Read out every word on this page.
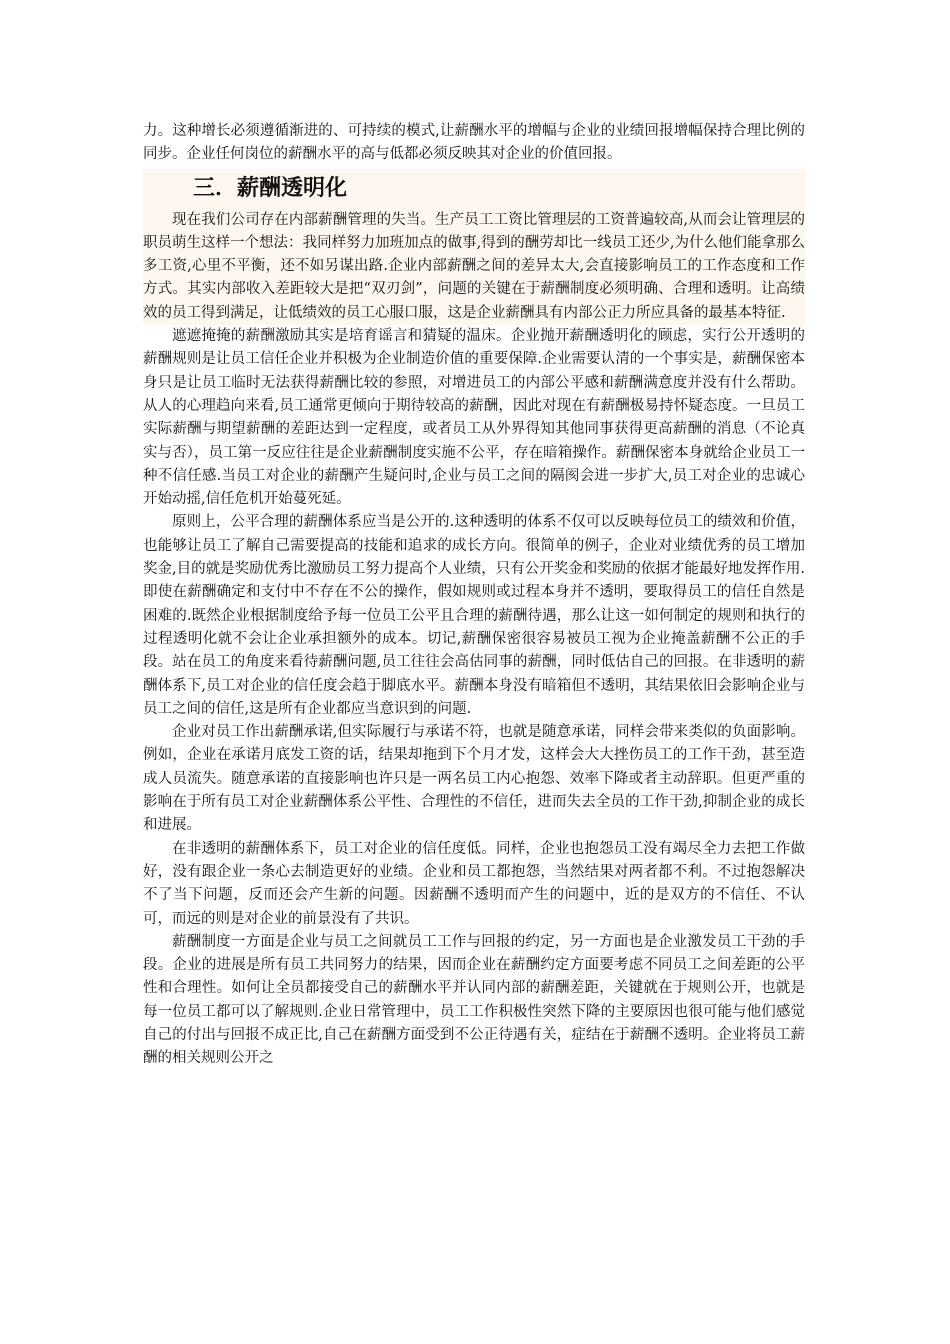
力。这种增长必须遵循渐进的、可持续的模式,让薪酬水平的增幅与企业的业绩回报增幅保持合理比例的同步。企业任何岗位的薪酬水平的高与低都必须反映其对企业的价值回报。

三．薪酬透明化

现在我们公司存在内部薪酬管理的失当。生产员工工资比管理层的工资普遍较高,从而会让管理层的职员萌生这样一个想法：我同样努力加班加点的做事,得到的酬劳却比一线员工还少,为什么他们能拿那么多工资,心里不平衡，还不如另谋出路.企业内部薪酬之间的差异太大,会直接影响员工的工作态度和工作方式。其实内部收入差距较大是把“双刃剑”，问题的关键在于薪酬制度必须明确、合理和透明。让高绩效的员工得到满足，让低绩效的员工心服口服，这是企业薪酬具有内部公正力所应具备的最基本特征.

遮遮掩掩的薪酬激励其实是培育谣言和猜疑的温床。企业抛开薪酬透明化的顾虑，实行公开透明的薪酬规则是让员工信任企业并积极为企业制造价值的重要保障.企业需要认清的一个事实是，薪酬保密本身只是让员工临时无法获得薪酬比较的参照，对增进员工的内部公平感和薪酬满意度并没有什么帮助。从人的心理趋向来看,员工通常更倾向于期待较高的薪酬，因此对现在有薪酬极易持怀疑态度。一旦员工实际薪酬与期望薪酬的差距达到一定程度，或者员工从外界得知其他同事获得更高薪酬的消息（不论真实与否），员工第一反应往往是企业薪酬制度实施不公平，存在暗箱操作。薪酬保密本身就给企业员工一种不信任感.当员工对企业的薪酬产生疑问时,企业与员工之间的隔阂会进一步扩大,员工对企业的忠诚心开始动摇,信任危机开始蔓死延。

原则上，公平合理的薪酬体系应当是公开的.这种透明的体系不仅可以反映每位员工的绩效和价值，也能够让员工了解自己需要提高的技能和追求的成长方向。很简单的例子，企业对业绩优秀的员工增加奖金,目的就是奖励优秀比激励员工努力提高个人业绩，只有公开奖金和奖励的依据才能最好地发挥作用.即使在薪酬确定和支付中不存在不公的操作，假如规则或过程本身并不透明，要取得员工的信任自然是困难的.既然企业根据制度给予每一位员工公平且合理的薪酬待遇，那么让这一如何制定的规则和执行的过程透明化就不会让企业承担额外的成本。切记,薪酬保密很容易被员工视为企业掩盖薪酬不公正的手段。站在员工的角度来看待薪酬问题,员工往往会高估同事的薪酬，同时低估自己的回报。在非透明的薪酬体系下,员工对企业的信任度会趋于脚底水平。薪酬本身没有暗箱但不透明，其结果依旧会影响企业与员工之间的信任,这是所有企业都应当意识到的问题.

企业对员工作出薪酬承诺,但实际履行与承诺不符，也就是随意承诺，同样会带来类似的负面影响。例如，企业在承诺月底发工资的话，结果却拖到下个月才发，这样会大大挫伤员工的工作干劲，甚至造成人员流失。随意承诺的直接影响也许只是一两名员工内心抱怨、效率下降或者主动辞职。但更严重的影响在于所有员工对企业薪酬体系公平性、合理性的不信任，进而失去全员的工作干劲,抑制企业的成长和进展。

在非透明的薪酬体系下，员工对企业的信任度低。同样，企业也抱怨员工没有竭尽全力去把工作做好，没有跟企业一条心去制造更好的业绩。企业和员工都抱怨，当然结果对两者都不利。不过抱怨解决不了当下问题，反而还会产生新的问题。因薪酬不透明而产生的问题中，近的是双方的不信任、不认可，而远的则是对企业的前景没有了共识。

薪酬制度一方面是企业与员工之间就员工工作与回报的约定，另一方面也是企业激发员工干劲的手段。企业的进展是所有员工共同努力的结果，因而企业在薪酬约定方面要考虑不同员工之间差距的公平性和合理性。如何让全员都接受自己的薪酬水平并认同内部的薪酬差距，关键就在于规则公开，也就是每一位员工都可以了解规则.企业日常管理中，员工工作积极性突然下降的主要原因也很可能与他们感觉自己的付出与回报不成正比,自己在薪酬方面受到不公正待遇有关，症结在于薪酬不透明。企业将员工薪酬的相关规则公开之
